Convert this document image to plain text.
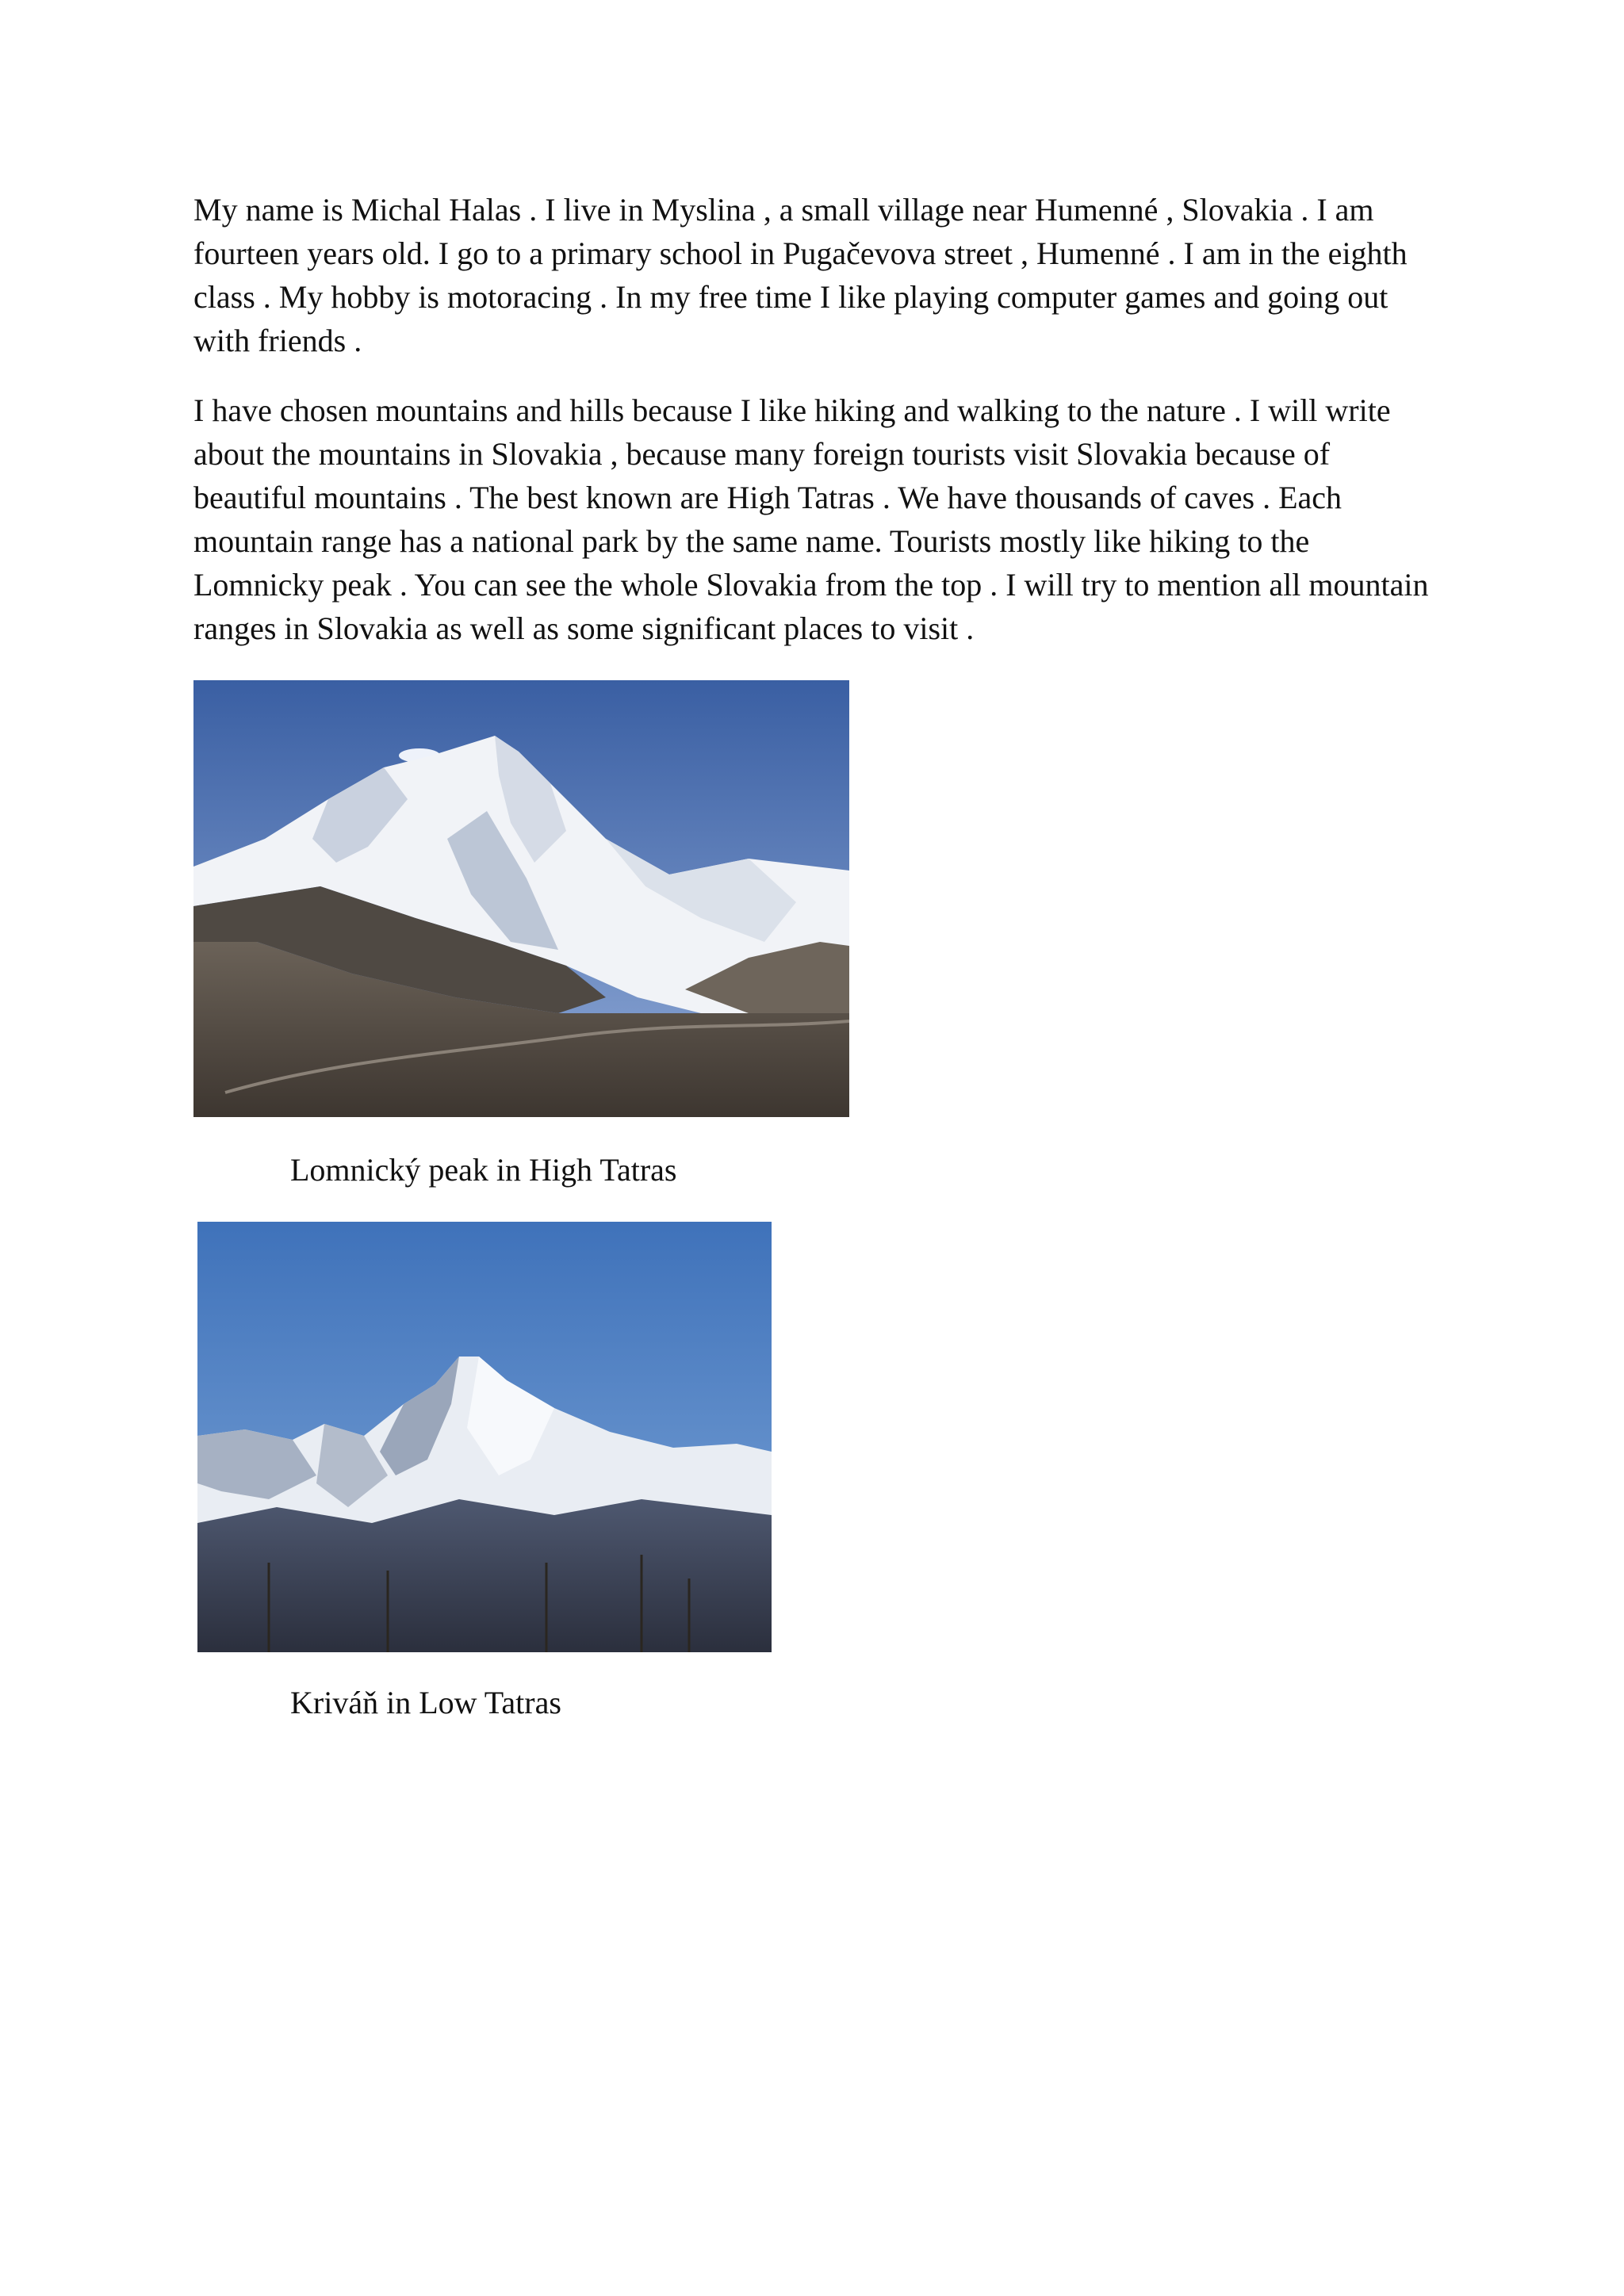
My name is Michal Halas . I live in Myslina , a small village near Humenné , Slovakia . I am fourteen years old. I go to a primary school in Pugačevova street , Humenné . I am in the eighth class . My hobby is motoracing . In my free time I like playing computer games and going out with friends .

I have chosen mountains and hills because I like hiking and walking to the nature . I will write about the mountains in Slovakia , because many foreign tourists visit Slovakia because of beautiful mountains . The best known are High Tatras . We have thousands of caves . Each mountain range has a national park by the same name. Tourists mostly like hiking to the Lomnicky peak . You can see the whole Slovakia from the top . I will try to mention all mountain ranges in Slovakia as well as some significant places to visit .

Lomnický peak in High Tatras

Kriváň in Low Tatras
